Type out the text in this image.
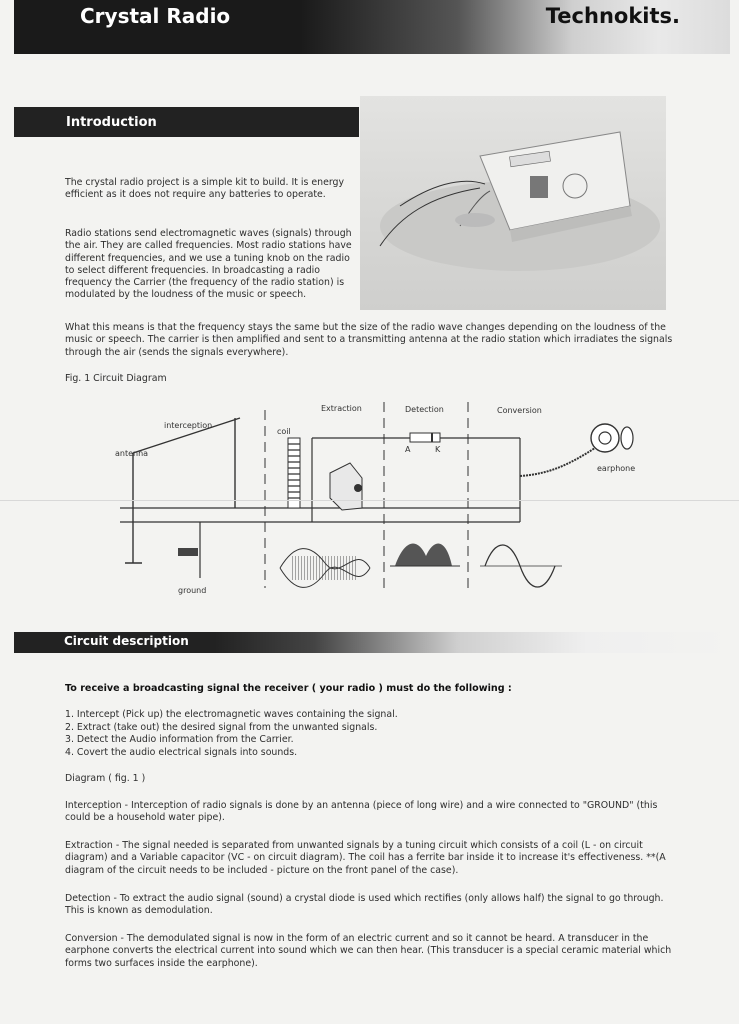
Crystal Radio	Technokits.
Introduction

The crystal radio project is a simple kit to build. It is energy efficient as it does not require any batteries to operate.

Radio stations send electromagnetic waves (signals) through the air. They are called frequencies. Most radio stations have different frequencies, and we use a tuning knob on the radio to select different frequencies. In broadcasting a radio frequency the Carrier (the frequency of the radio station) is modulated by the loudness of the music or speech.

What this means is that the frequency stays the same but the size of the radio wave changes depending on the loudness of the music or speech. The carrier is then amplified and sent to a transmitting antenna at the radio station which irradiates the signals through the air (sends the signals everywhere).

Fig. 1 Circuit Diagram
interception
antenna
coil
Extraction	Detection	Conversion
A	K
earphone
ground
Circuit description
To receive a broadcasting signal the receiver ( your radio ) must do the following :
1. Intercept (Pick up) the electromagnetic waves containing the signal.
2. Extract (take out) the desired signal from the unwanted signals.
3. Detect the Audio information from the Carrier.
4. Covert the audio electrical signals into sounds.
Diagram ( fig. 1 )

Interception - Interception of radio signals is done by an antenna (piece of long wire) and a wire connected to "GROUND" (this could be a household water pipe).

Extraction - The signal needed is separated from unwanted signals by a tuning circuit which consists of a coil (L - on circuit diagram) and a Variable capacitor (VC - on circuit diagram). The coil has a ferrite bar inside it to increase it's effectiveness. **(A diagram of the circuit needs to be included - picture on the front panel of the case).

Detection - To extract the audio signal (sound) a crystal diode is used which rectifies (only allows half) the signal to go through. This is known as demodulation.

Conversion - The demodulated signal is now in the form of an electric current and so it cannot be heard. A transducer in the earphone converts the electrical current into sound which we can then hear. (This transducer is a special ceramic material which forms two surfaces inside the earphone).
